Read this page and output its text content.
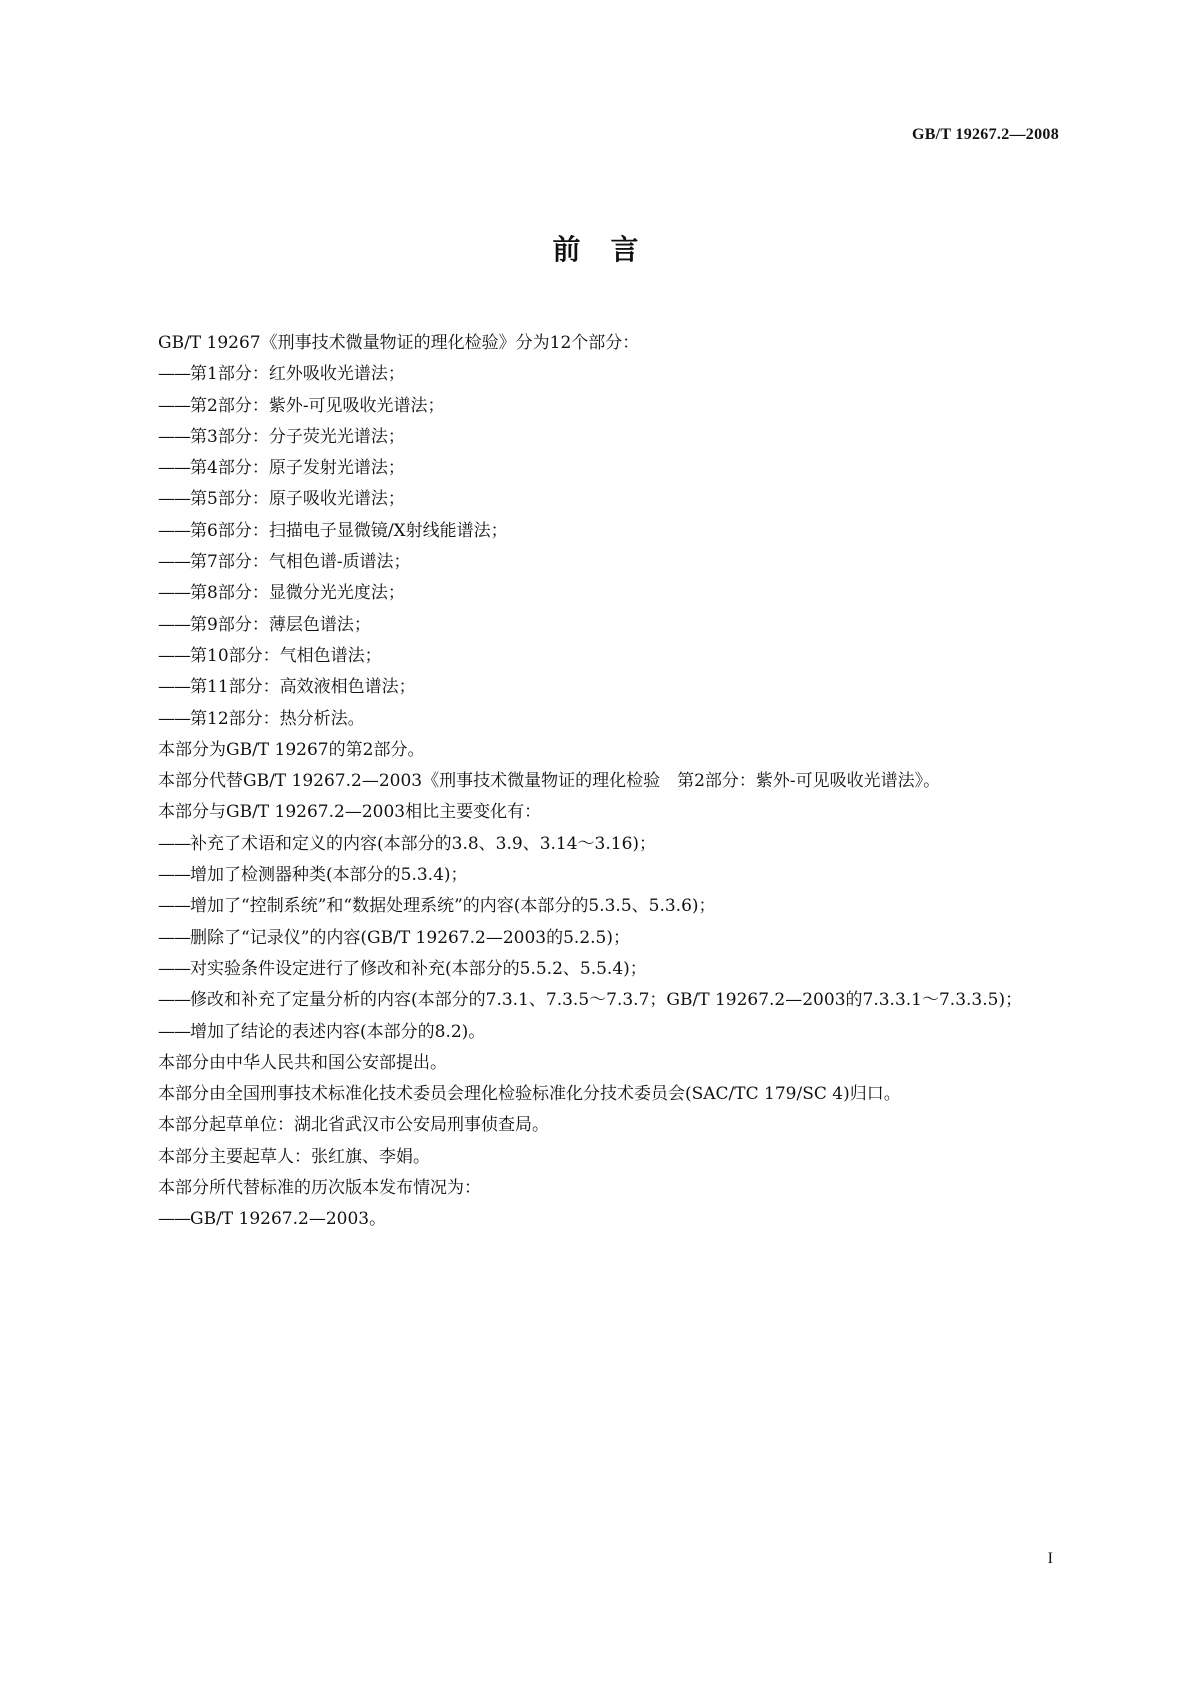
GB/T 19267.2—2008
前言

GB/T 19267《刑事技术微量物证的理化检验》分为12个部分：

——第1部分：红外吸收光谱法；

——第2部分：紫外-可见吸收光谱法；

——第3部分：分子荧光光谱法；

——第4部分：原子发射光谱法；

——第5部分：原子吸收光谱法；

——第6部分：扫描电子显微镜/X射线能谱法；

——第7部分：气相色谱-质谱法；

——第8部分：显微分光光度法；

——第9部分：薄层色谱法；

——第10部分：气相色谱法；

——第11部分：高效液相色谱法；

——第12部分：热分析法。

本部分为GB/T 19267的第2部分。

本部分代替GB/T 19267.2—2003《刑事技术微量物证的理化检验　第2部分：紫外-可见吸收光谱法》。

本部分与GB/T 19267.2—2003相比主要变化有：

——补充了术语和定义的内容(本部分的3.8、3.9、3.14～3.16)；

——增加了检测器种类(本部分的5.3.4)；

——增加了“控制系统”和“数据处理系统”的内容(本部分的5.3.5、5.3.6)；

——删除了“记录仪”的内容(GB/T 19267.2—2003的5.2.5)；

——对实验条件设定进行了修改和补充(本部分的5.5.2、5.5.4)；

——修改和补充了定量分析的内容(本部分的7.3.1、7.3.5～7.3.7；GB/T 19267.2—2003的7.3.3.1～7.3.3.5)；

——增加了结论的表述内容(本部分的8.2)。

本部分由中华人民共和国公安部提出。

本部分由全国刑事技术标准化技术委员会理化检验标准化分技术委员会(SAC/TC 179/SC 4)归口。

本部分起草单位：湖北省武汉市公安局刑事侦查局。

本部分主要起草人：张红旗、李娟。

本部分所代替标准的历次版本发布情况为：

——GB/T 19267.2—2003。

I
